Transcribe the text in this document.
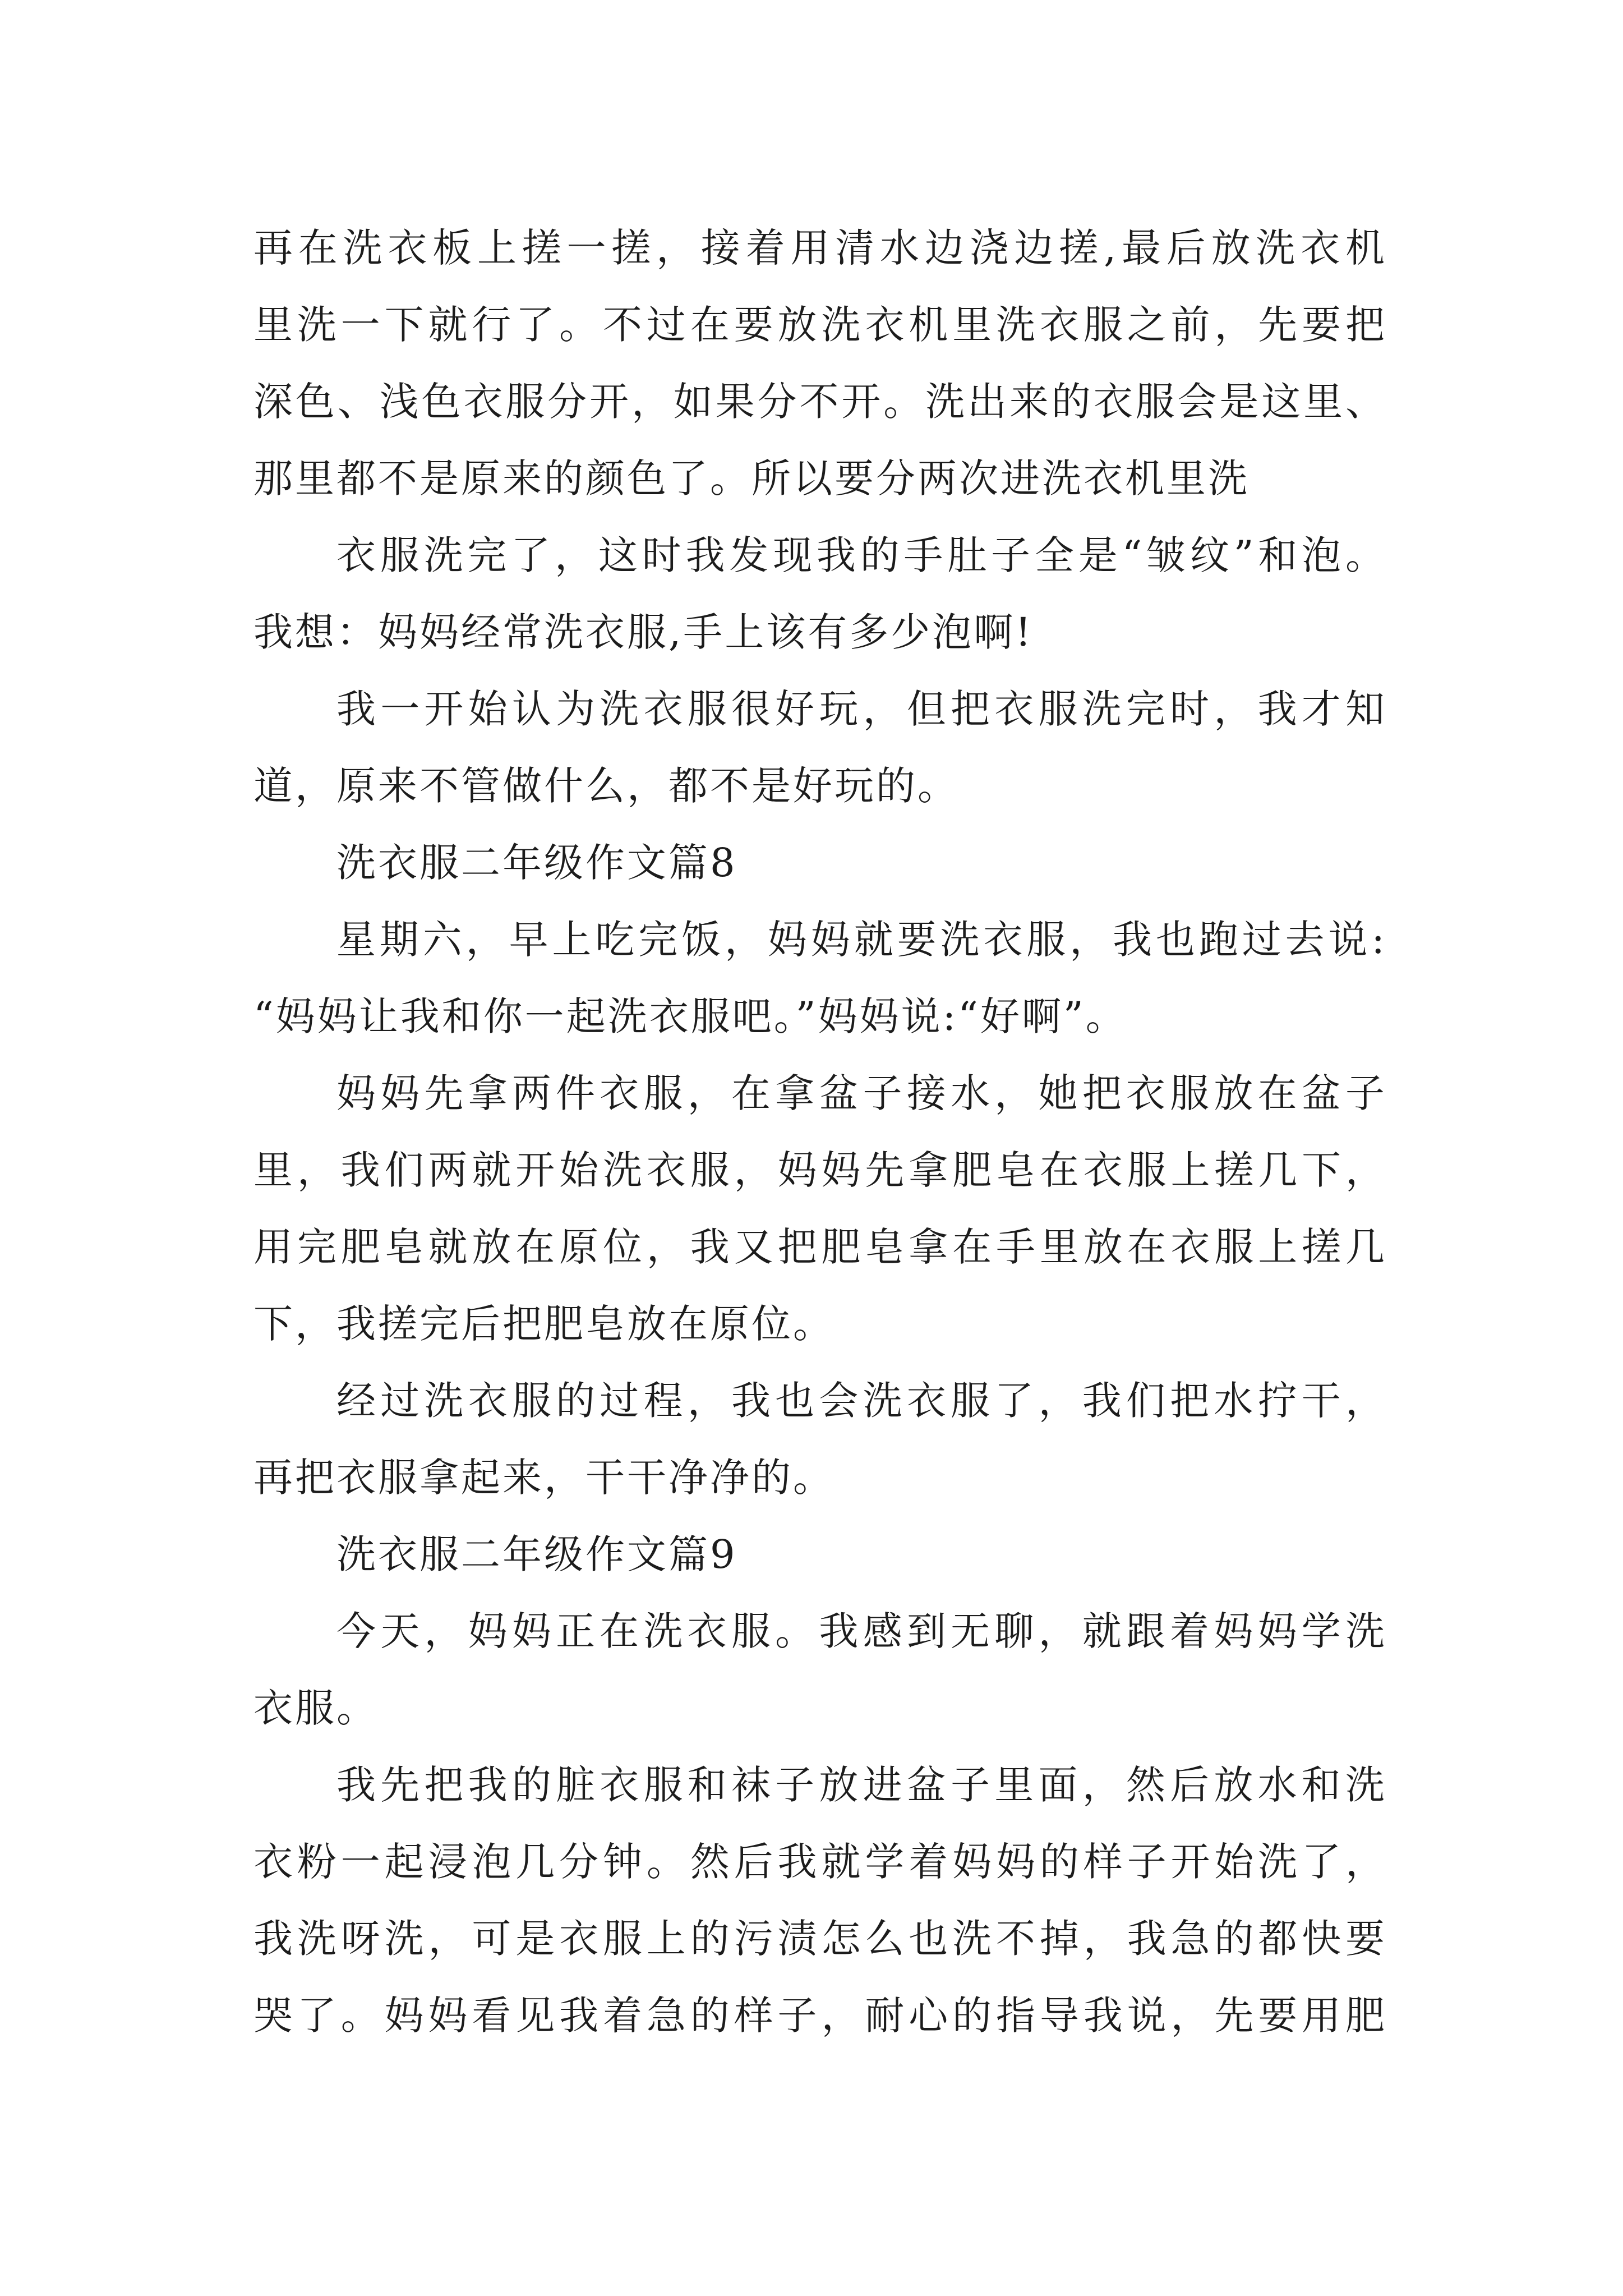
再在洗衣板上搓一搓，接着用清水边浇边搓,最后放洗衣机
里洗一下就行了。不过在要放洗衣机里洗衣服之前，先要把
深色、浅色衣服分开，如果分不开。洗出来的衣服会是这里、
那里都不是原来的颜色了。所以要分两次进洗衣机里洗
衣服洗完了，这时我发现我的手肚子全是“皱纹”和泡。
我想：妈妈经常洗衣服,手上该有多少泡啊!
我一开始认为洗衣服很好玩，但把衣服洗完时，我才知
道，原来不管做什么，都不是好玩的。
洗衣服二年级作文篇8
星期六，早上吃完饭，妈妈就要洗衣服，我也跑过去说:
“妈妈让我和你一起洗衣服吧。”妈妈说:“好啊”。
妈妈先拿两件衣服，在拿盆子接水，她把衣服放在盆子
里，我们两就开始洗衣服，妈妈先拿肥皂在衣服上搓几下，
用完肥皂就放在原位，我又把肥皂拿在手里放在衣服上搓几
下，我搓完后把肥皂放在原位。
经过洗衣服的过程，我也会洗衣服了，我们把水拧干，
再把衣服拿起来，干干净净的。
洗衣服二年级作文篇9
今天，妈妈正在洗衣服。我感到无聊，就跟着妈妈学洗
衣服。
我先把我的脏衣服和袜子放进盆子里面，然后放水和洗
衣粉一起浸泡几分钟。然后我就学着妈妈的样子开始洗了，
我洗呀洗，可是衣服上的污渍怎么也洗不掉，我急的都快要
哭了。妈妈看见我着急的样子，耐心的指导我说，先要用肥
